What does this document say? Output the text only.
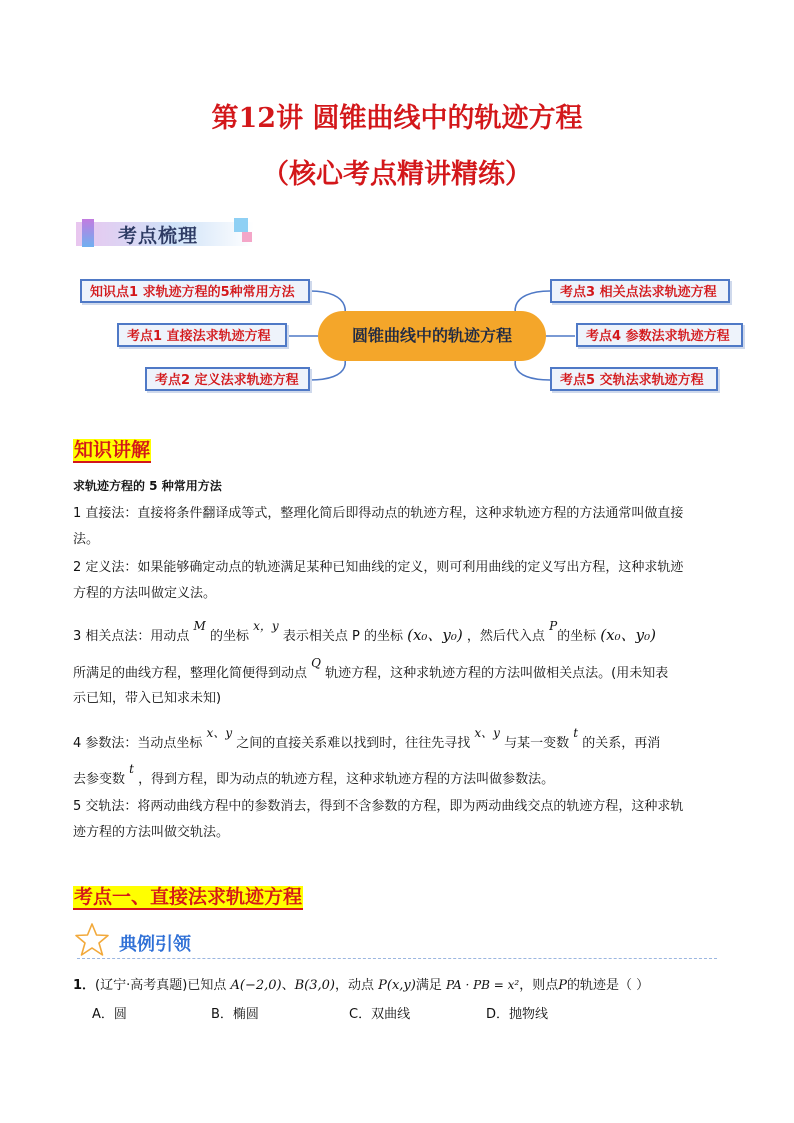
第12讲 圆锥曲线中的轨迹方程
（核心考点精讲精练）
考点梳理
知识点1 求轨迹方程的5种常用方法
考点1 直接法求轨迹方程
考点2 定义法求轨迹方程
圆锥曲线中的轨迹方程
考点3 相关点法求轨迹方程
考点4 参数法求轨迹方程
考点5 交轨法求轨迹方程
知识讲解
求轨迹方程的 5 种常用方法
1 直接法：直接将条件翻译成等式，整理化简后即得动点的轨迹方程，这种求轨迹方程的方法通常叫做直接
法。
2 定义法：如果能够确定动点的轨迹满足某种已知曲线的定义，则可利用曲线的定义写出方程，这种求轨迹
方程的方法叫做定义法。
3 相关点法：用动点 M 的坐标 x，y 表示相关点 P 的坐标 (x₀、y₀) ，然后代入点 P的坐标 (x₀、y₀)
所满足的曲线方程，整理化简便得到动点 Q 轨迹方程，这种求轨迹方程的方法叫做相关点法。(用未知表
示已知，带入已知求未知)
4 参数法：当动点坐标 x、y 之间的直接关系难以找到时，往往先寻找 x、y 与某一变数 t 的关系，再消
去参变数 t ，得到方程，即为动点的轨迹方程，这种求轨迹方程的方法叫做参数法。
5 交轨法：将两动曲线方程中的参数消去，得到不含参数的方程，即为两动曲线交点的轨迹方程，这种求轨
迹方程的方法叫做交轨法。
考点一、直接法求轨迹方程
典例引领
1．(辽宁·高考真题)已知点 A(−2,0)、B(3,0)，动点 P(x,y)满足 PA · PB = x²，则点P的轨迹是（ ）
A．圆	B．椭圆	C．双曲线	D．抛物线
